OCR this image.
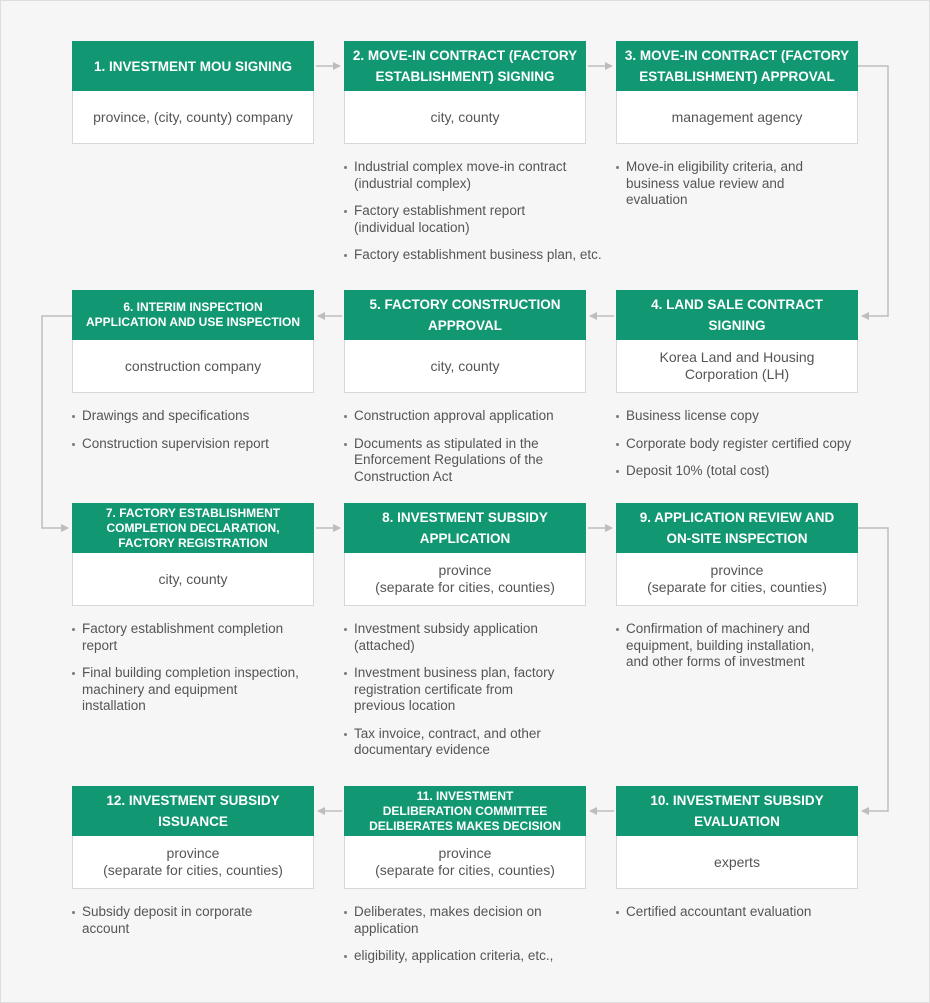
1. INVESTMENT MOU SIGNING
province, (city, county) company
2. MOVE-IN CONTRACT (FACTORY
ESTABLISHMENT) SIGNING
city, county
Industrial complex move-in contract
(industrial complex)
Factory establishment report
(individual location)
Factory establishment business plan, etc.
3. MOVE-IN CONTRACT (FACTORY
ESTABLISHMENT) APPROVAL
management agency
Move-in eligibility criteria, and
business value review and
evaluation
6. INTERIM INSPECTION
APPLICATION AND USE INSPECTION
construction company
Drawings and specifications
Construction supervision report
5. FACTORY CONSTRUCTION
APPROVAL
city, county
Construction approval application
Documents as stipulated in the
Enforcement Regulations of the
Construction Act
4. LAND SALE CONTRACT
SIGNING
Korea Land and Housing
Corporation (LH)
Business license copy
Corporate body register certified copy
Deposit 10% (total cost)
7. FACTORY ESTABLISHMENT
COMPLETION DECLARATION,
FACTORY REGISTRATION
city, county
Factory establishment completion
report
Final building completion inspection,
machinery and equipment
installation
8. INVESTMENT SUBSIDY
APPLICATION
province
(separate for cities, counties)
Investment subsidy application
(attached)
Investment business plan, factory
registration certificate from
previous location
Tax invoice, contract, and other
documentary evidence
9. APPLICATION REVIEW AND
ON-SITE INSPECTION
province
(separate for cities, counties)
Confirmation of machinery and
equipment, building installation,
and other forms of investment
12. INVESTMENT SUBSIDY
ISSUANCE
province
(separate for cities, counties)
Subsidy deposit in corporate
account
11. INVESTMENT
DELIBERATION COMMITTEE
DELIBERATES MAKES DECISION
province
(separate for cities, counties)
Deliberates, makes decision on
application
eligibility, application criteria, etc.,
10. INVESTMENT SUBSIDY
EVALUATION
experts
Certified accountant evaluation
